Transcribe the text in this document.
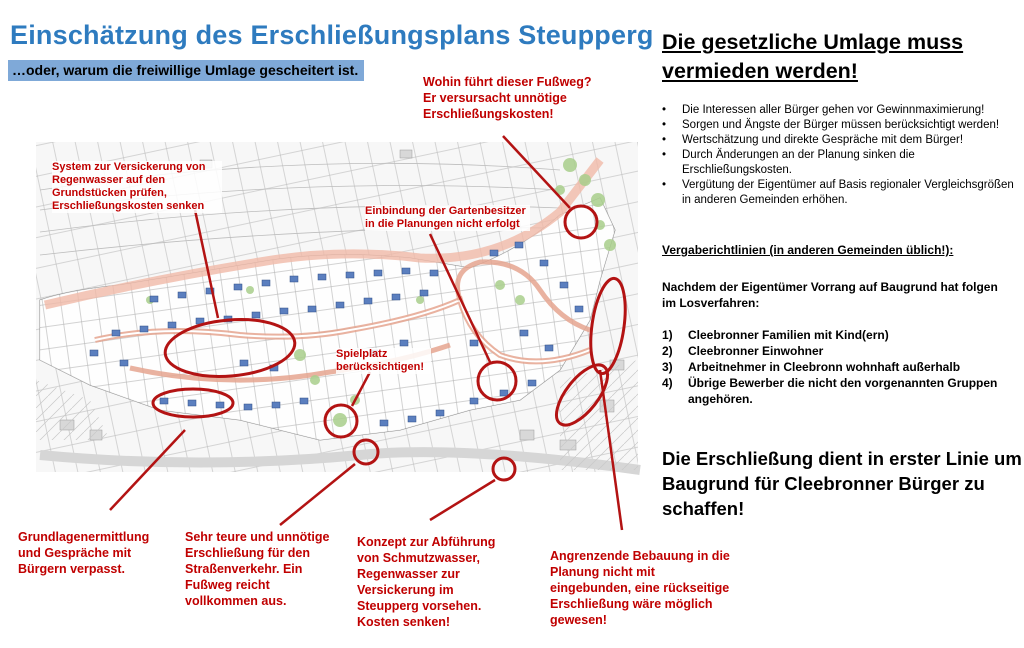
Einschätzung des Erschließungsplans Steupperg
…oder, warum die freiwillige Umlage gescheitert ist.
Wohin führt dieser Fußweg? Er versursacht unnötige Erschließungskosten!
System zur Versickerung von Regenwasser auf den Grundstücken prüfen, Erschließungskosten senken	Einbindung der Gartenbesitzer in die Planungen nicht erfolgt
Spielplatz berücksichtigen!
Grundlagenermittlung und Gespräche mit Bürgern verpasst.
Sehr teure und unnötige Erschließung für den Straßenverkehr. Ein Fußweg reicht vollkommen aus.
Konzept zur Abführung von Schmutzwasser, Regenwasser zur Versickerung im Steupperg vorsehen. Kosten senken!
Angrenzende Bebauung in die Planung nicht mit eingebunden, eine rückseitige Erschließung wäre möglich gewesen!
Die gesetzliche Umlage muss vermieden werden!
• Die Interessen aller Bürger gehen vor Gewinnmaximierung!
• Sorgen und Ängste der Bürger müssen berücksichtigt werden!
• Wertschätzung und direkte Gespräche mit dem Bürger!
• Durch Änderungen an der Planung sinken die Erschließungskosten.
• Vergütung der Eigentümer auf Basis regionaler Vergleichsgrößen in anderen Gemeinden erhöhen.
Vergaberichtlinien (in anderen Gemeinden üblich!):
Nachdem der Eigentümer Vorrang auf Baugrund hat folgen im Losverfahren:
1) Cleebronner Familien mit Kind(ern)
2) Cleebronner Einwohner
3) Arbeitnehmer in Cleebronn wohnhaft außerhalb
4) Übrige Bewerber die nicht den vorgenannten Gruppen angehören.
Die Erschließung dient in erster Linie um Baugrund für Cleebronner Bürger zu schaffen!
